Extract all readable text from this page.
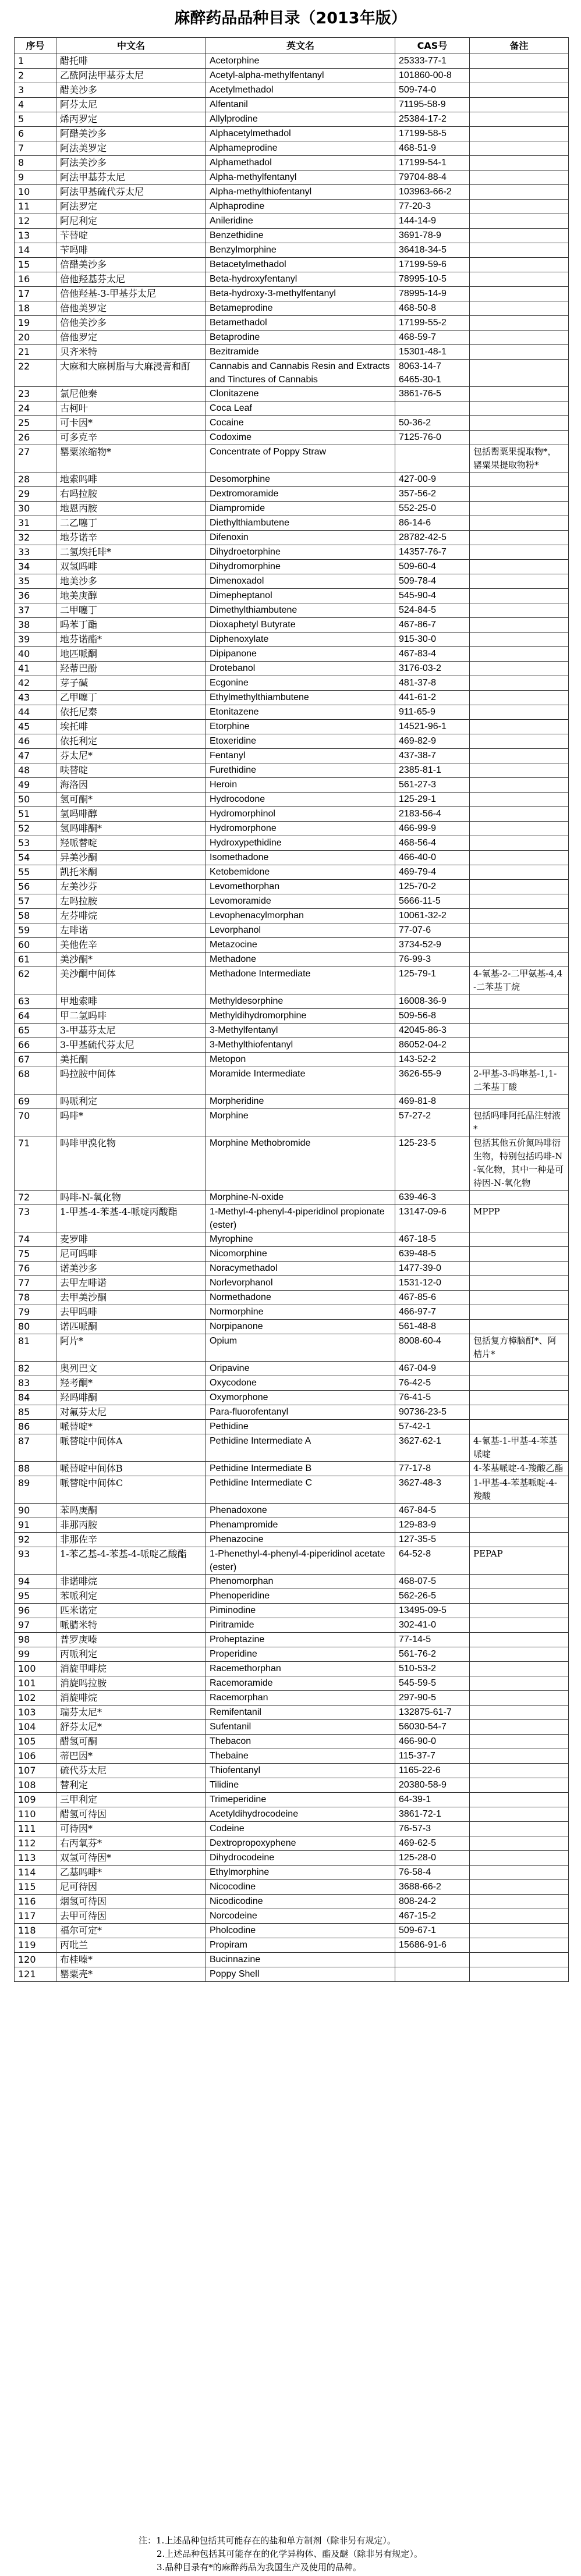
麻醉药品品种目录（2013年版）
序号	中文名	英文名	CAS号	备注
1	醋托啡	Acetorphine	25333-77-1	
2	乙酰阿法甲基芬太尼	Acetyl-alpha-methylfentanyl	101860-00-8	
3	醋美沙多	Acetylmethadol	509-74-0	
4	阿芬太尼	Alfentanil	71195-58-9	
5	烯丙罗定	Allylprodine	25384-17-2	
6	阿醋美沙多	Alphacetylmethadol	17199-58-5	
7	阿法美罗定	Alphameprodine	468-51-9	
8	阿法美沙多	Alphamethadol	17199-54-1	
9	阿法甲基芬太尼	Alpha-methylfentanyl	79704-88-4	
10	阿法甲基硫代芬太尼	Alpha-methylthiofentanyl	103963-66-2	
11	阿法罗定	Alphaprodine	77-20-3	
12	阿尼利定	Anileridine	144-14-9	
13	苄替啶	Benzethidine	3691-78-9	
14	苄吗啡	Benzylmorphine	36418-34-5	
15	倍醋美沙多	Betacetylmethadol	17199-59-6	
16	倍他羟基芬太尼	Beta-hydroxyfentanyl	78995-10-5	
17	倍他羟基-3-甲基芬太尼	Beta-hydroxy-3-methylfentanyl	78995-14-9	
18	倍他美罗定	Betameprodine	468-50-8	
19	倍他美沙多	Betamethadol	17199-55-2	
20	倍他罗定	Betaprodine	468-59-7	
21	贝齐米特	Bezitramide	15301-48-1	
22	大麻和大麻树脂与大麻浸膏和酊	Cannabis and Cannabis Resin and Extracts and Tinctures of Cannabis	8063-14-7
6465-30-1	
23	氯尼他秦	Clonitazene	3861-76-5	
24	古柯叶	Coca Leaf		
25	可卡因*	Cocaine	50-36-2	
26	可多克辛	Codoxime	7125-76-0	
27	罂粟浓缩物*	Concentrate of Poppy Straw		包括罂粟果提取物*，罂粟果提取物粉*
28	地索吗啡	Desomorphine	427-00-9	
29	右吗拉胺	Dextromoramide	357-56-2	
30	地恩丙胺	Diampromide	552-25-0	
31	二乙噻丁	Diethylthiambutene	86-14-6	
32	地芬诺辛	Difenoxin	28782-42-5	
33	二氢埃托啡*	Dihydroetorphine	14357-76-7	
34	双氢吗啡	Dihydromorphine	509-60-4	
35	地美沙多	Dimenoxadol	509-78-4	
36	地美庚醇	Dimepheptanol	545-90-4	
37	二甲噻丁	Dimethylthiambutene	524-84-5	
38	吗苯丁酯	Dioxaphetyl Butyrate	467-86-7	
39	地芬诺酯*	Diphenoxylate	915-30-0	
40	地匹哌酮	Dipipanone	467-83-4	
41	羟蒂巴酚	Drotebanol	3176-03-2	
42	芽子碱	Ecgonine	481-37-8	
43	乙甲噻丁	Ethylmethylthiambutene	441-61-2	
44	依托尼秦	Etonitazene	911-65-9	
45	埃托啡	Etorphine	14521-96-1	
46	依托利定	Etoxeridine	469-82-9	
47	芬太尼*	Fentanyl	437-38-7	
48	呋替啶	Furethidine	2385-81-1	
49	海洛因	Heroin	561-27-3	
50	氢可酮*	Hydrocodone	125-29-1	
51	氢吗啡醇	Hydromorphinol	2183-56-4	
52	氢吗啡酮*	Hydromorphone	466-99-9	
53	羟哌替啶	Hydroxypethidine	468-56-4	
54	异美沙酮	Isomethadone	466-40-0	
55	凯托米酮	Ketobemidone	469-79-4	
56	左美沙芬	Levomethorphan	125-70-2	
57	左吗拉胺	Levomoramide	5666-11-5	
58	左芬啡烷	Levophenacylmorphan	10061-32-2	
59	左啡诺	Levorphanol	77-07-6	
60	美他佐辛	Metazocine	3734-52-9	
61	美沙酮*	Methadone	76-99-3	
62	美沙酮中间体	Methadone Intermediate	125-79-1	4-氰基-2-二甲氨基-4,4-二苯基丁烷
63	甲地索啡	Methyldesorphine	16008-36-9	
64	甲二氢吗啡	Methyldihydromorphine	509-56-8	
65	3-甲基芬太尼	3-Methylfentanyl	42045-86-3	
66	3-甲基硫代芬太尼	3-Methylthiofentanyl	86052-04-2	
67	美托酮	Metopon	143-52-2	
68	吗拉胺中间体	Moramide Intermediate	3626-55-9	2-甲基-3-吗啉基-1,1-二苯基丁酸
69	吗哌利定	Morpheridine	469-81-8	
70	吗啡*	Morphine	57-27-2	包括吗啡阿托品注射液*
71	吗啡甲溴化物	Morphine Methobromide	125-23-5	包括其他五价氮吗啡衍生物，特别包括吗啡-N-氧化物，其中一种是可待因-N-氧化物
72	吗啡-N-氧化物	Morphine-N-oxide	639-46-3	
73	1-甲基-4-苯基-4-哌啶丙酸酯	1-Methyl-4-phenyl-4-piperidinol propionate (ester)	13147-09-6	MPPP
74	麦罗啡	Myrophine	467-18-5	
75	尼可吗啡	Nicomorphine	639-48-5	
76	诺美沙多	Noracymethadol	1477-39-0	
77	去甲左啡诺	Norlevorphanol	1531-12-0	
78	去甲美沙酮	Normethadone	467-85-6	
79	去甲吗啡	Normorphine	466-97-7	
80	诺匹哌酮	Norpipanone	561-48-8	
81	阿片*	Opium	8008-60-4	包括复方樟脑酊*、阿桔片*
82	奥列巴文	Oripavine	467-04-9	
83	羟考酮*	Oxycodone	76-42-5	
84	羟吗啡酮	Oxymorphone	76-41-5	
85	对氟芬太尼	Para-fluorofentanyl	90736-23-5	
86	哌替啶*	Pethidine	57-42-1	
87	哌替啶中间体A	Pethidine Intermediate A	3627-62-1	4-氰基-1-甲基-4-苯基哌啶
88	哌替啶中间体B	Pethidine Intermediate B	77-17-8	4-苯基哌啶-4-羧酸乙酯
89	哌替啶中间体C	Pethidine Intermediate C	3627-48-3	1-甲基-4-苯基哌啶-4-羧酸
90	苯吗庚酮	Phenadoxone	467-84-5	
91	非那丙胺	Phenampromide	129-83-9	
92	非那佐辛	Phenazocine	127-35-5	
93	1-苯乙基-4-苯基-4-哌啶乙酸酯	1-Phenethyl-4-phenyl-4-piperidinol acetate (ester)	64-52-8	PEPAP
94	非诺啡烷	Phenomorphan	468-07-5	
95	苯哌利定	Phenoperidine	562-26-5	
96	匹米诺定	Piminodine	13495-09-5	
97	哌腈米特	Piritramide	302-41-0	
98	普罗庚嗪	Proheptazine	77-14-5	
99	丙哌利定	Properidine	561-76-2	
100	消旋甲啡烷	Racemethorphan	510-53-2	
101	消旋吗拉胺	Racemoramide	545-59-5	
102	消旋啡烷	Racemorphan	297-90-5	
103	瑞芬太尼*	Remifentanil	132875-61-7	
104	舒芬太尼*	Sufentanil	56030-54-7	
105	醋氢可酮	Thebacon	466-90-0	
106	蒂巴因*	Thebaine	115-37-7	
107	硫代芬太尼	Thiofentanyl	1165-22-6	
108	替利定	Tilidine	20380-58-9	
109	三甲利定	Trimeperidine	64-39-1	
110	醋氢可待因	Acetyldihydrocodeine	3861-72-1	
111	可待因*	Codeine	76-57-3	
112	右丙氧芬*	Dextropropoxyphene	469-62-5	
113	双氢可待因*	Dihydrocodeine	125-28-0	
114	乙基吗啡*	Ethylmorphine	76-58-4	
115	尼可待因	Nicocodine	3688-66-2	
116	烟氢可待因	Nicodicodine	808-24-2	
117	去甲可待因	Norcodeine	467-15-2	
118	福尔可定*	Pholcodine	509-67-1	
119	丙吡兰	Propiram	15686-91-6	
120	布桂嗪*	Bucinnazine		
121	罂粟壳*	Poppy Shell		
注：1.上述品种包括其可能存在的盐和单方制剂（除非另有规定）。
2.上述品种包括其可能存在的化学异构体、酯及醚（除非另有规定）。
3.品种目录有*的麻醉药品为我国生产及使用的品种。
